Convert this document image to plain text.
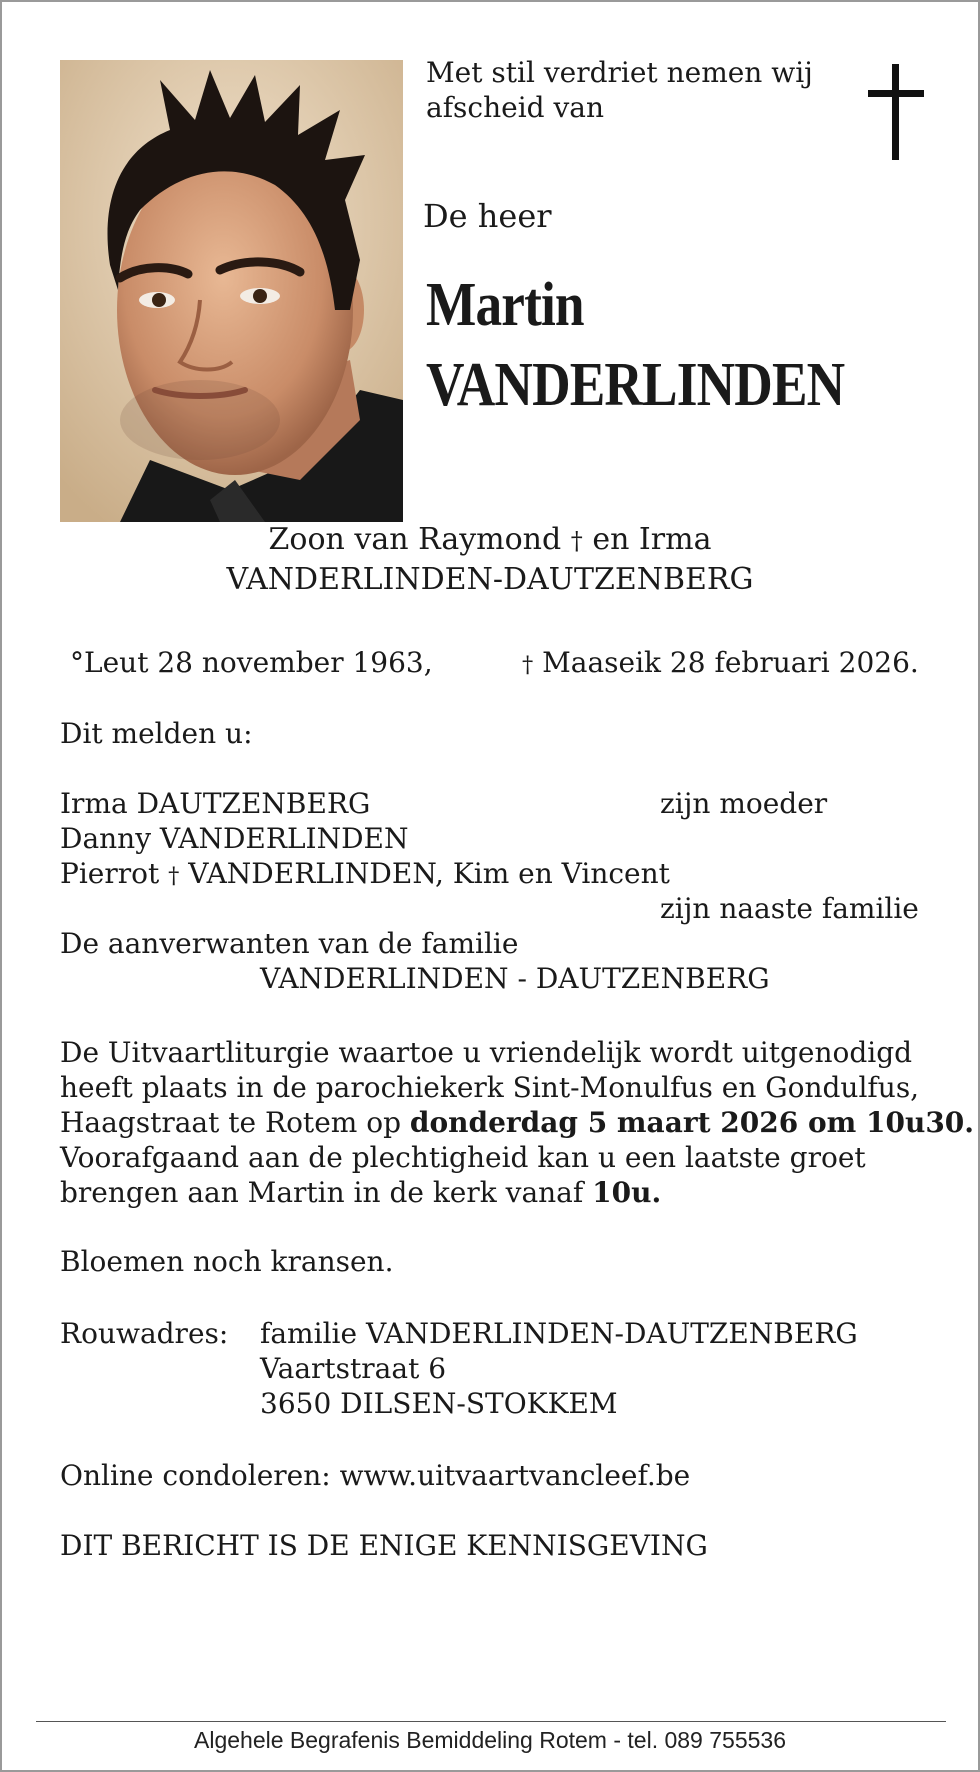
Met stil verdriet nemen wij
afscheid van
De heer
Martin
VANDERLINDEN
Zoon van Raymond † en Irma
VANDERLINDEN-DAUTZENBERG
°Leut 28 november 1963,	† Maaseik 28 februari 2026.
Dit melden u:
Irma DAUTZENBERG	zijn moeder
Danny VANDERLINDEN
Pierrot † VANDERLINDEN, Kim en Vincent
zijn naaste familie
De aanverwanten van de familie
VANDERLINDEN - DAUTZENBERG
De Uitvaartliturgie waartoe u vriendelijk wordt uitgenodigd
heeft plaats in de parochiekerk Sint-Monulfus en Gondulfus,
Haagstraat te Rotem op donderdag 5 maart 2026 om 10u30.
Voorafgaand aan de plechtigheid kan u een laatste groet
brengen aan Martin in de kerk vanaf 10u.
Bloemen noch kransen.
Rouwadres: familie VANDERLINDEN-DAUTZENBERG
Vaartstraat 6
3650 DILSEN-STOKKEM
Online condoleren: www.uitvaartvancleef.be
DIT BERICHT IS DE ENIGE KENNISGEVING
Algehele Begrafenis Bemiddeling Rotem - tel. 089 755536
